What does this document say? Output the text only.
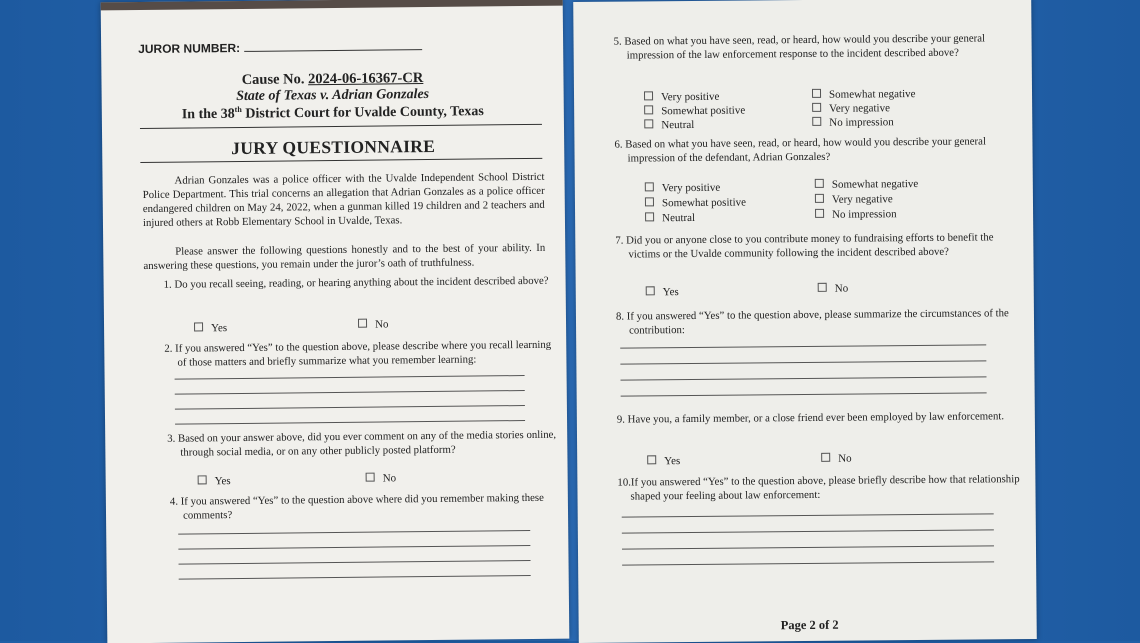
JUROR NUMBER:
Cause No. 2024-06-16367-CR
State of Texas v. Adrian Gonzales
In the 38th District Court for Uvalde County, Texas
JURY QUESTIONNAIRE
Adrian Gonzales was a police officer with the Uvalde Independent School District Police Department. This trial concerns an allegation that Adrian Gonzales as a police officer endangered children on May 24, 2022, when a gunman killed 19 children and 2 teachers and injured others at Robb Elementary School in Uvalde, Texas.
Please answer the following questions honestly and to the best of your ability. In answering these questions, you remain under the juror’s oath of truthfulness.
1. Do you recall seeing, reading, or hearing anything about the incident described above?
Yes	No
2. If you answered “Yes” to the question above, please describe where you recall learning of those matters and briefly summarize what you remember learning:
3. Based on your answer above, did you ever comment on any of the media stories online, through social media, or on any other publicly posted platform?
Yes	No
4. If you answered “Yes” to the question above where did you remember making these comments?
5. Based on what you have seen, read, or heard, how would you describe your general impression of the law enforcement response to the incident described above?
Very positive
Somewhat positive
Neutral
Somewhat negative
Very negative
No impression
6. Based on what you have seen, read, or heard, how would you describe your general impression of the defendant, Adrian Gonzales?
Very positive
Somewhat positive
Neutral
Somewhat negative
Very negative
No impression
7. Did you or anyone close to you contribute money to fundraising efforts to benefit the victims or the Uvalde community following the incident described above?
Yes	No
8. If you answered “Yes” to the question above, please summarize the circumstances of the contribution:
9. Have you, a family member, or a close friend ever been employed by law enforcement.
Yes	No
10.If you answered “Yes” to the question above, please briefly describe how that relationship shaped your feeling about law enforcement:
Page 2 of 2
